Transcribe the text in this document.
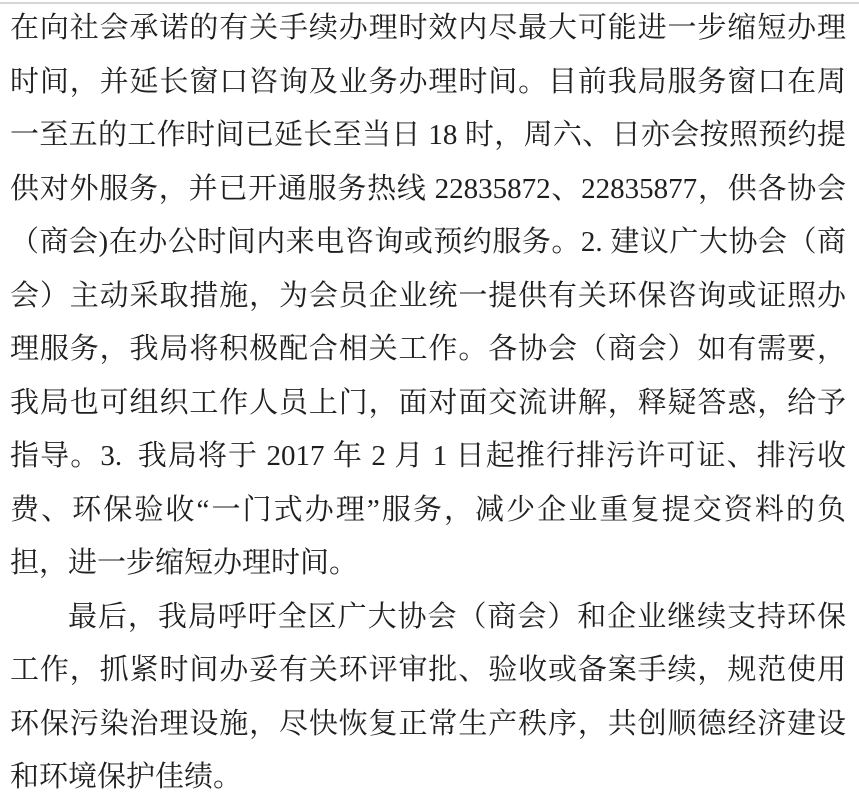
在向社会承诺的有关手续办理时效内尽最大可能进一步缩短办理
时间，并延长窗口咨询及业务办理时间。目前我局服务窗口在周
一至五的工作时间已延长至当日 18 时，周六、日亦会按照预约提
供对外服务，并已开通服务热线 22835872、22835877，供各协会
（商会)在办公时间内来电咨询或预约服务。2. 建议广大协会（商
会）主动采取措施，为会员企业统一提供有关环保咨询或证照办
理服务，我局将积极配合相关工作。各协会（商会）如有需要，
我局也可组织工作人员上门，面对面交流讲解，释疑答惑，给予
指导。3. 我局将于 2017 年 2 月 1 日起推行排污许可证、排污收
费、环保验收“一门式办理”服务，减少企业重复提交资料的负
担，进一步缩短办理时间。
最后，我局呼吁全区广大协会（商会）和企业继续支持环保
工作，抓紧时间办妥有关环评审批、验收或备案手续，规范使用
环保污染治理设施，尽快恢复正常生产秩序，共创顺德经济建设
和环境保护佳绩。
